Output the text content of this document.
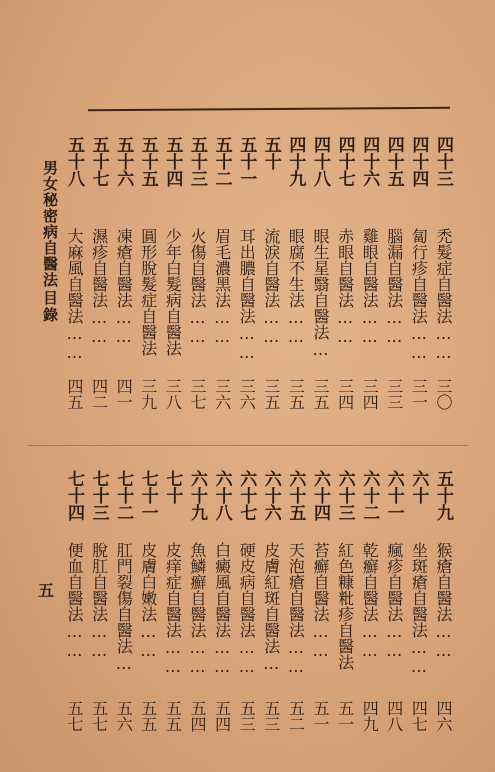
男女秘密病自醫法
目錄
五
四十三
禿髮症自醫法……
三〇
四十四
匐行疹自醫法……
三一
四十五
腦漏自醫法……
三三
四十六
雞眼自醫法……
三四
四十七
赤眼自醫法……
三四
四十八
眼生星翳自醫法…
三五
四十九
眼腐不生法……
三五
五十
流淚自醫法……
三五
五十一
耳出膿自醫法……
三六
五十二
眉毛濃黑法……
三六
五十三
火傷自醫法……
三七
五十四
少年白髮病自醫法
三八
五十五
圓形脫髮症自醫法
三九
五十六
凍瘡自醫法……
四一
五十七
濕疹自醫法……
四二
五十八
大麻風自醫法……
四五
五十九
猴瘡自醫法……
四六
六十
坐斑瘡自醫法……
四七
六十一
瘋疹自醫法……
四八
六十二
乾癬自醫法……
四九
六十三
紅色糠粃疹自醫法
五一
六十四
苔癬自醫法……
五一
六十五
天泡瘡自醫法……
五二
六十六
皮膚紅斑自醫法…
五三
六十七
硬皮病自醫法……
五三
六十八
白癜風自醫法……
五四
六十九
魚鱗癬自醫法……
五四
七十
皮痒症自醫法……
五五
七十一
皮膚白嫩法……
五五
七十二
肛門裂傷自醫法…
五六
七十三
脫肛自醫法……
五七
七十四
便血自醫法……
五七
